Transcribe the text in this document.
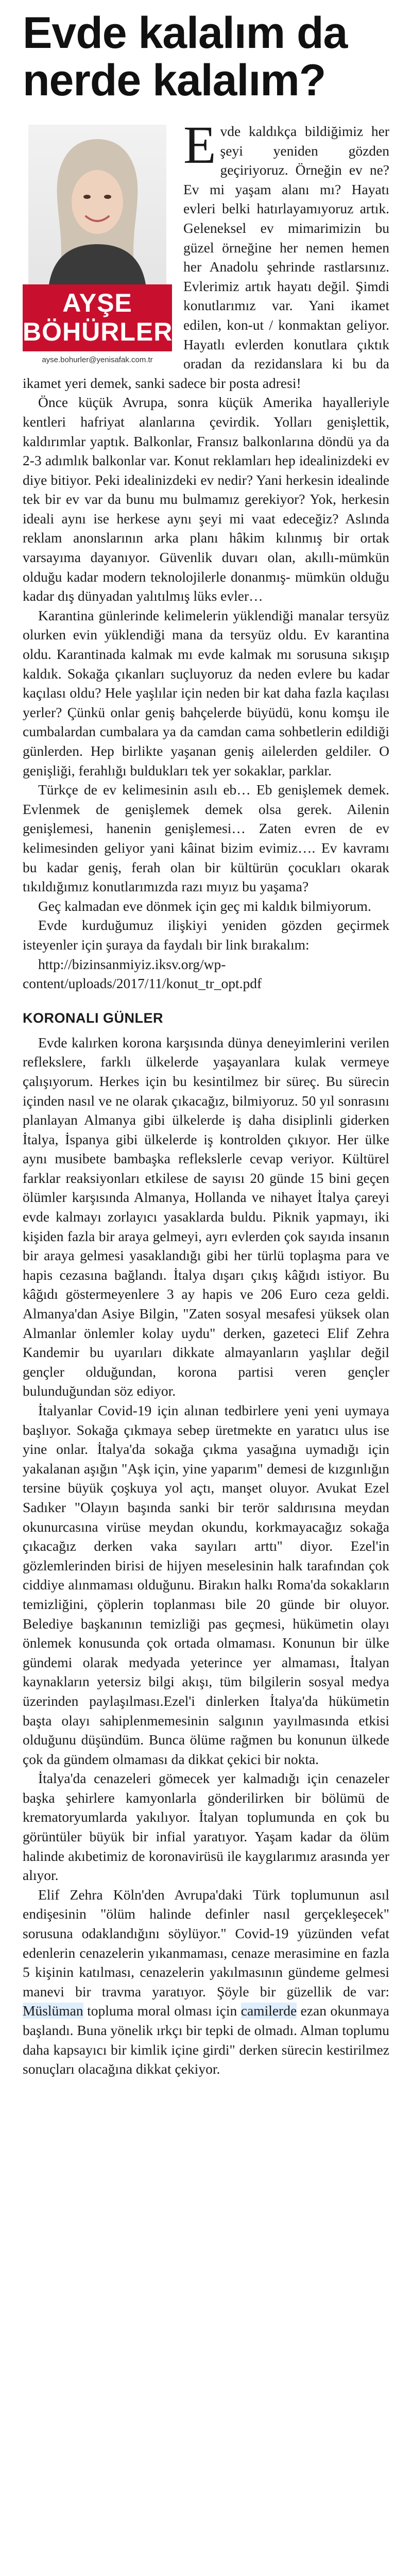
Evde kalalım da nerde kalalım?
AYŞE
BÖHÜRLER
ayse.bohurler@yenisafak.com.tr

Evde kaldıkça bildiğimiz her şeyi yeniden gözden geçiriyoruz. Örneğin ev ne? Ev mi yaşam alanı mı? Hayatı evleri belki hatırlayamıyoruz artık. Geleneksel ev mimarimizin bu güzel örneğine her nemen hemen her Anadolu şehrinde rastlarsınız. Evlerimiz artık hayatı değil. Şimdi konutlarımız var. Yani ikamet edilen, kon-ut / konmaktan geliyor. Hayatlı evlerden konutlara çıktık oradan da rezidanslara ki bu da ikamet yeri demek, sanki sadece bir posta adresi!

Önce küçük Avrupa, sonra küçük Amerika hayalleriyle kentleri hafriyat alanlarına çevirdik. Yolları genişlettik, kaldırımlar yaptık. Balkonlar, Fransız balkonlarına döndü ya da 2-3 adımlık balkonlar var. Konut reklamları hep idealinizdeki ev diye bitiyor. Peki idealinizdeki ev nedir? Yani herkesin idealinde tek bir ev var da bunu mu bulmamız gerekiyor? Yok, herkesin ideali aynı ise herkese aynı şeyi mi vaat edeceğiz? Aslında reklam anonslarının arka planı hâkim kılınmış bir ortak varsayıma dayanıyor. Güvenlik duvarı olan, akıllı-mümkün olduğu kadar modern teknolojilerle donanmış- mümkün olduğu kadar dış dünyadan yalıtılmış lüks evler…

Karantina günlerinde kelimelerin yüklendiği manalar tersyüz olurken evin yüklendiği mana da tersyüz oldu. Ev karantina oldu. Karantinada kalmak mı evde kalmak mı sorusuna sıkışıp kaldık. Sokağa çıkanları suçluyoruz da neden evlere bu kadar kaçılası oldu? Hele yaşlılar için neden bir kat daha fazla kaçılası yerler? Çünkü onlar geniş bahçelerde büyüdü, konu komşu ile cumbalardan cumbalara ya da camdan cama sohbetlerin edildiği günlerden. Hep birlikte yaşanan geniş ailelerden geldiler. O genişliği, ferahlığı buldukları tek yer sokaklar, parklar.

Türkçe de ev kelimesinin asılı eb… Eb genişlemek demek. Evlenmek de genişlemek demek olsa gerek. Ailenin genişlemesi, hanenin genişlemesi… Zaten evren de ev kelimesinden geliyor yani kâinat bizim evimiz…. Ev kavramı bu kadar geniş, ferah olan bir kültürün çocukları okarak tıkıldığımız konutlarımızda razı mıyız bu yaşama?

Geç kalmadan eve dönmek için geç mi kaldık bilmiyorum.

Evde kurduğumuz ilişkiyi yeniden gözden geçirmek isteyenler için şuraya da faydalı bir link bırakalım:

http://bizinsanmiyiz.iksv.org/wp-content/uploads/2017/11/konut_tr_opt.pdf

KORONALI GÜNLER

Evde kalırken korona karşısında dünya deneyimlerini verilen reflekslere, farklı ülkelerde yaşayanlara kulak vermeye çalışıyorum. Herkes için bu kesintilmez bir süreç. Bu sürecin içinden nasıl ve ne olarak çıkacağız, bilmiyoruz. 50 yıl sonrasını planlayan Almanya gibi ülkelerde iş daha disiplinli giderken İtalya, İspanya gibi ülkelerde iş kontrolden çıkıyor. Her ülke aynı musibete bambaşka reflekslerle cevap veriyor. Kültürel farklar reaksiyonları etkilese de sayısı 20 günde 15 bini geçen ölümler karşısında Almanya, Hollanda ve nihayet İtalya çareyi evde kalmayı zorlayıcı yasaklarda buldu. Piknik yapmayı, iki kişiden fazla bir araya gelmeyi, ayrı evlerden çok sayıda insanın bir araya gelmesi yasaklandığı gibi her türlü toplaşma para ve hapis cezasına bağlandı. İtalya dışarı çıkış kâğıdı istiyor. Bu kâğıdı göstermeyenlere 3 ay hapis ve 206 Euro ceza geldi. Almanya'dan Asiye Bilgin, "Zaten sosyal mesafesi yüksek olan Almanlar önlemler kolay uydu" derken, gazeteci Elif Zehra Kandemir bu uyarıları dikkate almayanların yaşlılar değil gençler olduğundan, korona partisi veren gençler bulunduğundan söz ediyor.

İtalyanlar Covid-19 için alınan tedbirlere yeni yeni uymaya başlıyor. Sokağa çıkmaya sebep üretmekte en yaratıcı ulus ise yine onlar. İtalya'da sokağa çıkma yasağına uymadığı için yakalanan aşığın "Aşk için, yine yaparım" demesi de kızgınlığın tersine büyük çoşkuya yol açtı, manşet oluyor. Avukat Ezel Sadıker "Olayın başında sanki bir terör saldırısına meydan okunurcasına virüse meydan okundu, korkmayacağız sokağa çıkacağız derken vaka sayıları arttı'' diyor. Ezel'in gözlemlerinden birisi de hijyen meselesinin halk tarafından çok ciddiye alınmaması olduğunu. Birakın halkı Roma'da sokakların temizliğini, çöplerin toplanması bile 20 günde bir oluyor. Belediye başkanının temizliği pas geçmesi, hükümetin olayı önlemek konusunda çok ortada olmaması. Konunun bir ülke gündemi olarak medyada yeterince yer almaması, İtalyan kaynakların yetersiz bilgi akışı, tüm bilgilerin sosyal medya üzerinden paylaşılması.Ezel'i dinlerken İtalya'da hükümetin başta olayı sahiplenmemesinin salgının yayılmasında etkisi olduğunu düşündüm. Bunca ölüme rağmen bu konunun ülkede çok da gündem olmaması da dikkat çekici bir nokta.

İtalya'da cenazeleri gömecek yer kalmadığı için cenazeler başka şehirlere kamyonlarla gönderilirken bir bölümü de krematoryumlarda yakılıyor. İtalyan toplumunda en çok bu görüntüler büyük bir infial yaratıyor. Yaşam kadar da ölüm halinde akıbetimiz de koronavirüsü ile kaygılarımız arasında yer alıyor.

Elif Zehra Köln'den Avrupa'daki Türk toplumunun asıl endişesinin "ölüm halinde definler nasıl gerçekleşecek" sorusuna odaklandığını söylüyor." Covid-19 yüzünden vefat edenlerin cenazelerin yıkanmaması, cenaze merasimine en fazla 5 kişinin katılması, cenazelerin yakılmasının gündeme gelmesi manevi bir travma yaratıyor. Şöyle bir güzellik de var: Müslüman topluma moral olması için camilerde ezan okunmaya başlandı. Buna yönelik ırkçı bir tepki de olmadı. Alman toplumu daha kapsayıcı bir kimlik içine girdi" derken sürecin kestirilmez sonuçları olacağına dikkat çekiyor.
